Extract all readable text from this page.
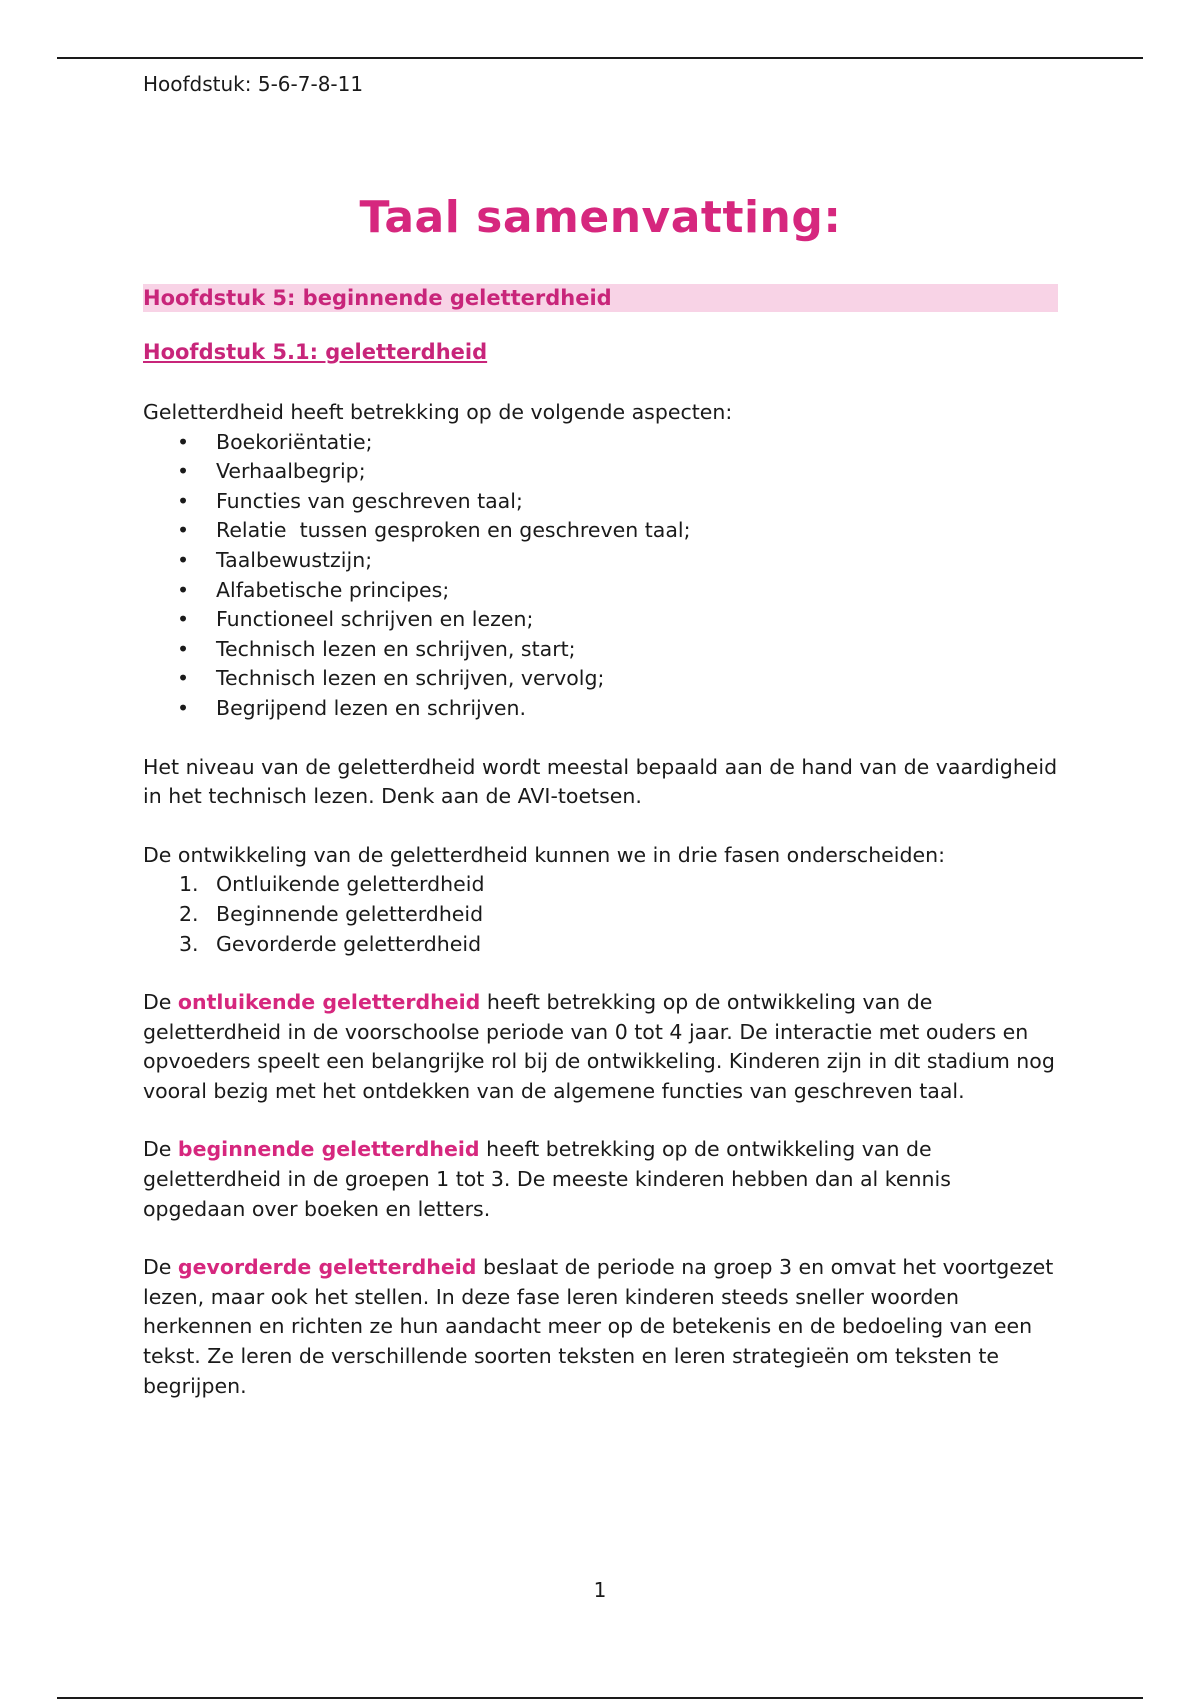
Hoofdstuk: 5-6-7-8-11

Taal samenvatting:
Hoofdstuk 5: beginnende geletterdheid
Hoofdstuk 5.1: geletterdheid

Geletterdheid heeft betrekking op de volgende aspecten:

• Boekoriëntatie;
• Verhaalbegrip;
• Functies van geschreven taal;
• Relatie  tussen gesproken en geschreven taal;
• Taalbewustzijn;
• Alfabetische principes;
• Functioneel schrijven en lezen;
• Technisch lezen en schrijven, start;
• Technisch lezen en schrijven, vervolg;
• Begrijpend lezen en schrijven.

Het niveau van de geletterdheid wordt meestal bepaald aan de hand van de vaardigheid in het technisch lezen. Denk aan de AVI-toetsen.

De ontwikkeling van de geletterdheid kunnen we in drie fasen onderscheiden:

1. Ontluikende geletterdheid
2. Beginnende geletterdheid
3. Gevorderde geletterdheid

De ontluikende geletterdheid heeft betrekking op de ontwikkeling van de geletterdheid in de voorschoolse periode van 0 tot 4 jaar. De interactie met ouders en opvoeders speelt een belangrijke rol bij de ontwikkeling. Kinderen zijn in dit stadium nog vooral bezig met het ontdekken van de algemene functies van geschreven taal.

De beginnende geletterdheid heeft betrekking op de ontwikkeling van de geletterdheid in de groepen 1 tot 3. De meeste kinderen hebben dan al kennis opgedaan over boeken en letters.

De gevorderde geletterdheid beslaat de periode na groep 3 en omvat het voortgezet lezen, maar ook het stellen. In deze fase leren kinderen steeds sneller woorden herkennen en richten ze hun aandacht meer op de betekenis en de bedoeling van een tekst. Ze leren de verschillende soorten teksten en leren strategieën om teksten te begrijpen.

1
